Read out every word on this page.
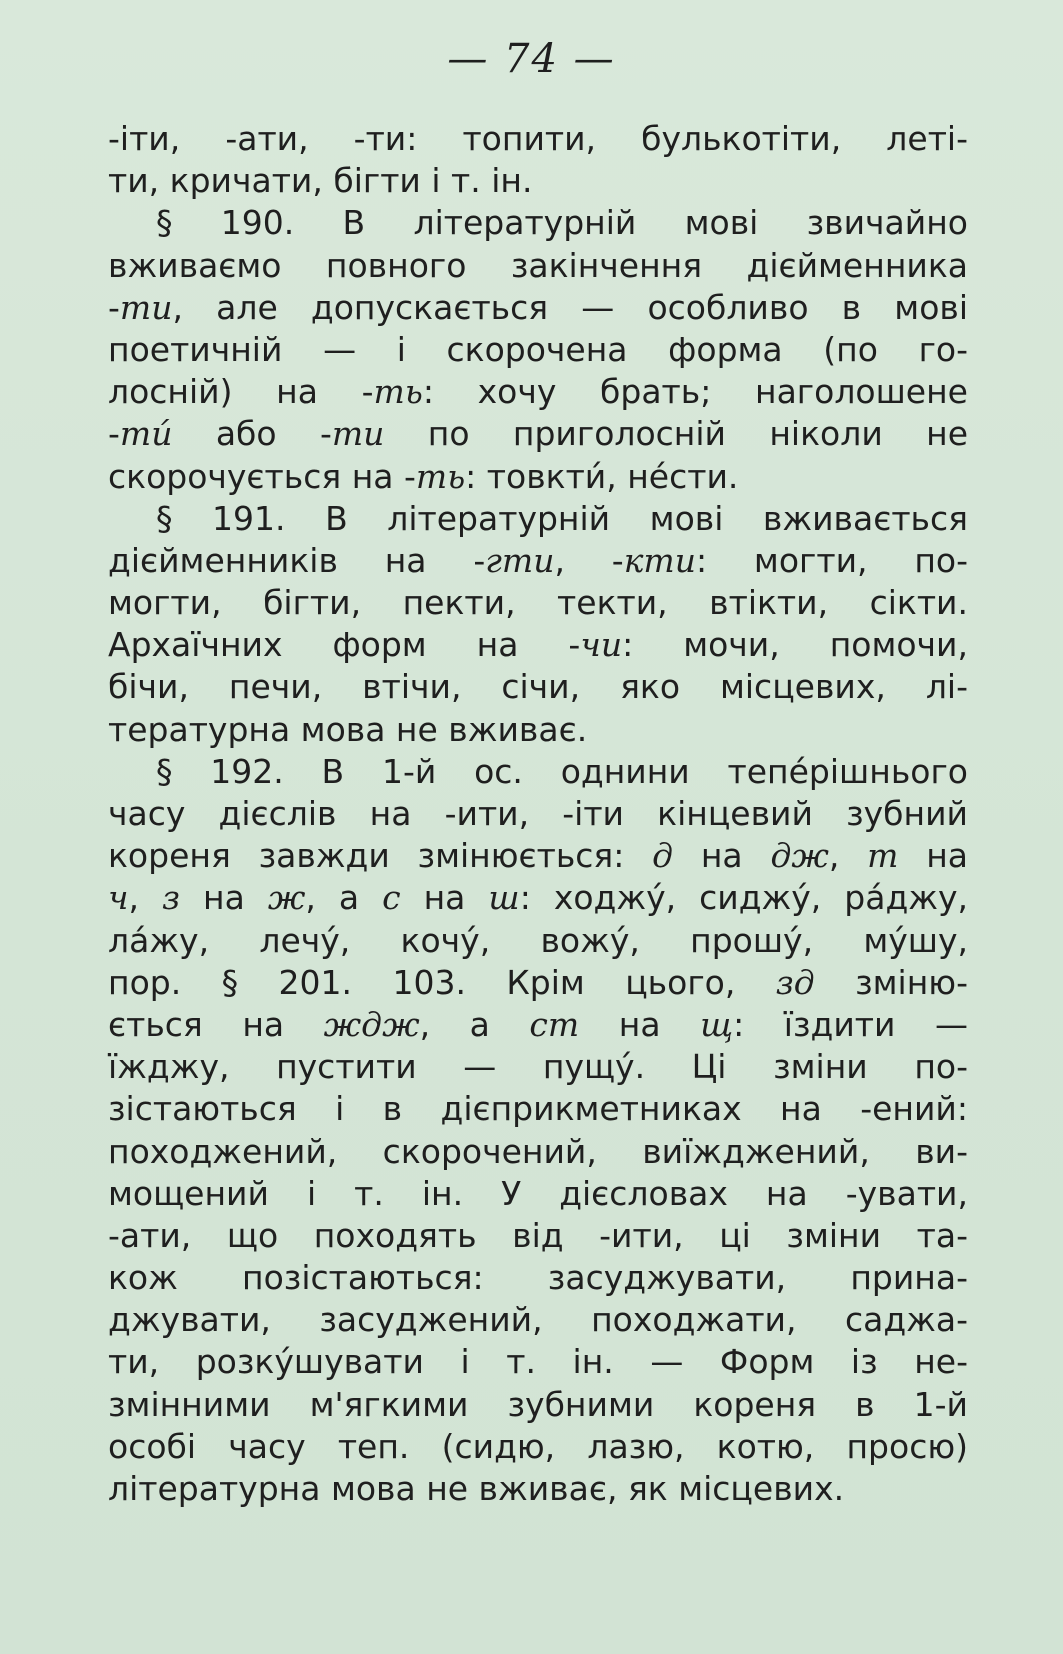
— 74 —
-іти, -ати, -ти: топити, булькотіти, леті-
ти, кричати, бігти і т. ін.
§ 190. В літературній мові звичайно
вживаємо повного закінчення дієйменника
-ти, але допускається — особливо в мові
поетичній — і скорочена форма (по го-
лосній) на -ть: хочу брать; наголошене
-ти́ або -ти по приголосній ніколи не
скорочується на -ть: товкти́, не́сти.
§ 191. В літературній мові вживається
дієйменників на -гти, -кти: могти, по-
могти, бігти, пекти, текти, втікти, сікти.
Архаїчних форм на -чи: мочи, помочи,
бічи, печи, втічи, січи, яко місцевих, лі-
тературна мова не вживає.
§ 192. В 1-й ос. однини тепе́рішнього
часу дієслів на -ити, -іти кінцевий зубний
кореня завжди змінюється: д на дж, т на
ч, з на ж, а с на ш: ходжу́, сиджу́, ра́джу,
ла́жу, лечу́, кочу́, вожу́, прошу́, му́шу,
пор. § 201. 103. Крім цього, зд зміню-
ється на ждж, а ст на щ: їздити —
їжджу, пустити — пущу́. Ці зміни по-
зістаються і в дієприкметниках на -ений:
походжений, скорочений, виїжджений, ви-
мощений і т. ін. У дієсловах на -увати,
-ати, що походять від -ити, ці зміни та-
кож позістаються: засуджувати, прина-
джувати, засуджений, походжати, саджа-
ти, розку́шувати і т. ін. — Форм із не-
змінними м'ягкими зубними кореня в 1-й
особі часу теп. (сидю, лазю, котю, просю)
літературна мова не вживає, як місцевих.
